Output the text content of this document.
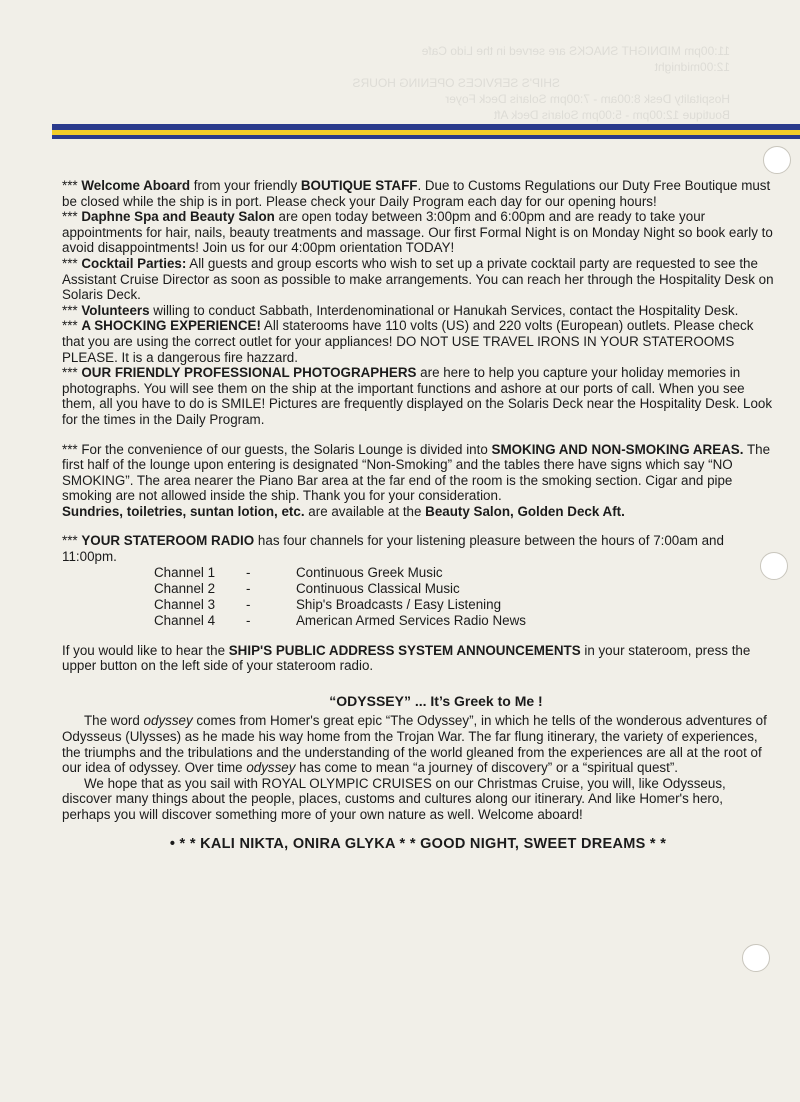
11:00pm MIDNIGHT SNACKS are served in the Lido Cafe
12:00midnight
SHIP'S SERVICES OPENING HOURS
Hospitality Desk 8:00am - 7:00pm Solaris Deck Foyer
Boutique 12:00pm - 5:00pm Solaris Deck Aft

*** Welcome Aboard from your friendly BOUTIQUE STAFF. Due to Customs Regulations our Duty Free Boutique must be closed while the ship is in port. Please check your Daily Program each day for our opening hours!

*** Daphne Spa and Beauty Salon are open today between 3:00pm and 6:00pm and are ready to take your appointments for hair, nails, beauty treatments and massage. Our first Formal Night is on Monday Night so book early to avoid disappointments! Join us for our 4:00pm orientation TODAY!

*** Cocktail Parties: All guests and group escorts who wish to set up a private cocktail party are requested to see the Assistant Cruise Director as soon as possible to make arrangements. You can reach her through the Hospitality Desk on Solaris Deck.

*** Volunteers willing to conduct Sabbath, Interdenominational or Hanukah Services, contact the Hospitality Desk.

*** A SHOCKING EXPERIENCE! All staterooms have 110 volts (US) and 220 volts (European) outlets. Please check that you are using the correct outlet for your appliances! DO NOT USE TRAVEL IRONS IN YOUR STATEROOMS PLEASE. It is a dangerous fire hazzard.

*** OUR FRIENDLY PROFESSIONAL PHOTOGRAPHERS are here to help you capture your holiday memories in photographs. You will see them on the ship at the important functions and ashore at our ports of call. When you see them, all you have to do is SMILE! Pictures are frequently displayed on the Solaris Deck near the Hospitality Desk. Look for the times in the Daily Program.

*** For the convenience of our guests, the Solaris Lounge is divided into SMOKING AND NON-SMOKING AREAS. The first half of the lounge upon entering is designated “Non-Smoking” and the tables there have signs which say “NO SMOKING”. The area nearer the Piano Bar area at the far end of the room is the smoking section. Cigar and pipe smoking are not allowed inside the ship. Thank you for your consideration.

Sundries, toiletries, suntan lotion, etc. are available at the Beauty Salon, Golden Deck Aft.

*** YOUR STATEROOM RADIO has four channels for your listening pleasure between the hours of 7:00am and 11:00pm.

Channel 1	-	Continuous Greek Music
Channel 2	-	Continuous Classical Music
Channel 3	-	Ship's Broadcasts / Easy Listening
Channel 4	-	American Armed Services Radio News

If you would like to hear the SHIP'S PUBLIC ADDRESS SYSTEM ANNOUNCEMENTS in your stateroom, press the upper button on the left side of your stateroom radio.

“ODYSSEY” ... It’s Greek to Me !

The word odyssey comes from Homer's great epic “The Odyssey”, in which he tells of the wonderous adventures of Odysseus (Ulysses) as he made his way home from the Trojan War. The far flung itinerary, the variety of experiences, the triumphs and the tribulations and the understanding of the world gleaned from the experiences are all at the root of our idea of odyssey. Over time odyssey has come to mean “a journey of discovery” or a “spiritual quest”.

We hope that as you sail with ROYAL OLYMPIC CRUISES on our Christmas Cruise, you will, like Odysseus, discover many things about the people, places, customs and cultures along our itinerary. And like Homer's hero, perhaps you will discover something more of your own nature as well. Welcome aboard!

• * * KALI NIKTA, ONIRA GLYKA * * GOOD NIGHT, SWEET DREAMS * *
